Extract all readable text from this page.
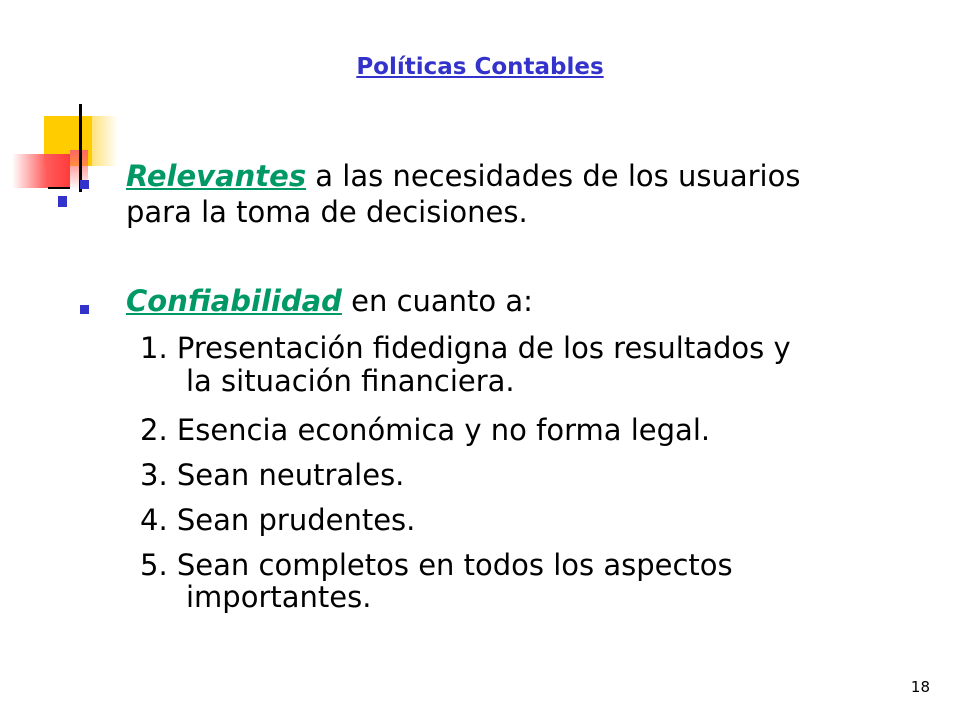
Políticas Contables
Relevantes a las necesidades de los usuarios
para la toma de decisiones.
Confiabilidad en cuanto a:
1. Presentación fidedigna de los resultados y
la situación financiera.
2. Esencia económica y no forma legal.
3. Sean neutrales.
4. Sean prudentes.
5. Sean completos en todos los aspectos
importantes.
18
